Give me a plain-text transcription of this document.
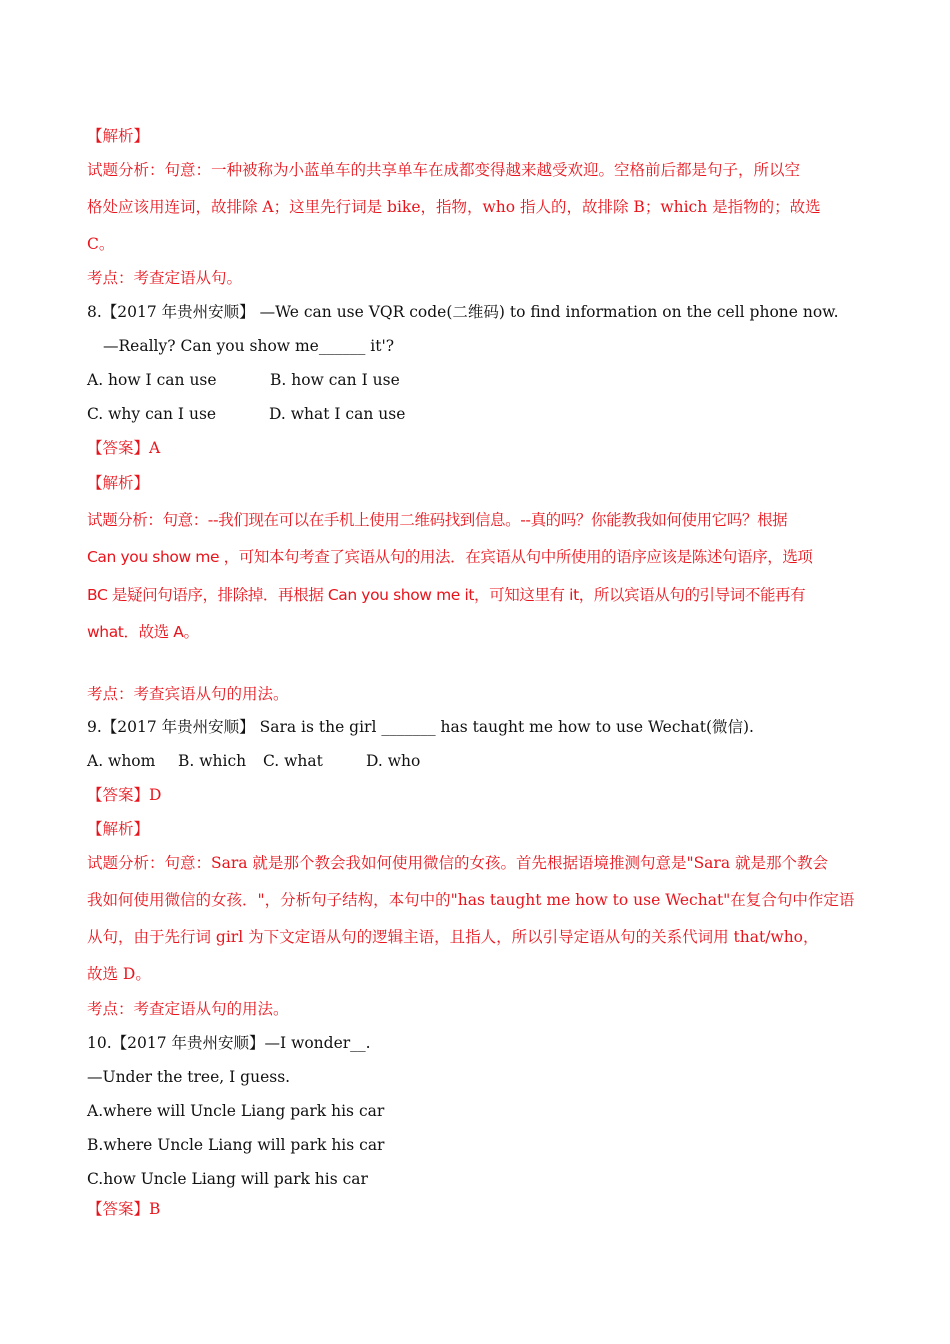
【解析】
试题分析：句意：一种被称为小蓝单车的共享单车在成都变得越来越受欢迎。空格前后都是句子，所以空
格处应该用连词，故排除 A；这里先行词是 bike，指物，who 指人的，故排除 B；which 是指物的；故选
C。
考点：考查定语从句。
8.【2017 年贵州安顺】 —We can use VQR code(二维码) to find information on the cell phone now.
—Really? Can you show me______ it'?
A. how I can use	B. how can I use
C. why can I use	D. what I can use
【答案】A
【解析】
试题分析：句意：--我们现在可以在手机上使用二维码找到信息。--真的吗？你能教我如何使用它吗？根据
Can you show me ，可知本句考查了宾语从句的用法．在宾语从句中所使用的语序应该是陈述句语序，选项
BC 是疑问句语序，排除掉．再根据 Can you show me it，可知这里有 it，所以宾语从句的引导词不能再有
what．故选 A。
考点：考查宾语从句的用法。
9.【2017 年贵州安顺】 Sara is the girl _______ has taught me how to use Wechat(微信).
A. whom B. which C. what	D. who
【答案】D
【解析】
试题分析：句意：Sara 就是那个教会我如何使用微信的女孩。首先根据语境推测句意是"Sara 就是那个教会
我如何使用微信的女孩．"，分析句子结构，本句中的"has taught me how to use Wechat"在复合句中作定语
从句，由于先行词 girl 为下文定语从句的逻辑主语，且指人，所以引导定语从句的关系代词用 that/who，
故选 D。
考点：考查定语从句的用法。
10.【2017 年贵州安顺】—I wonder__.
—Under the tree, I guess.
A.where will Uncle Liang park his car
B.where Uncle Liang will park his car
C.how Uncle Liang will park his car
【答案】B
